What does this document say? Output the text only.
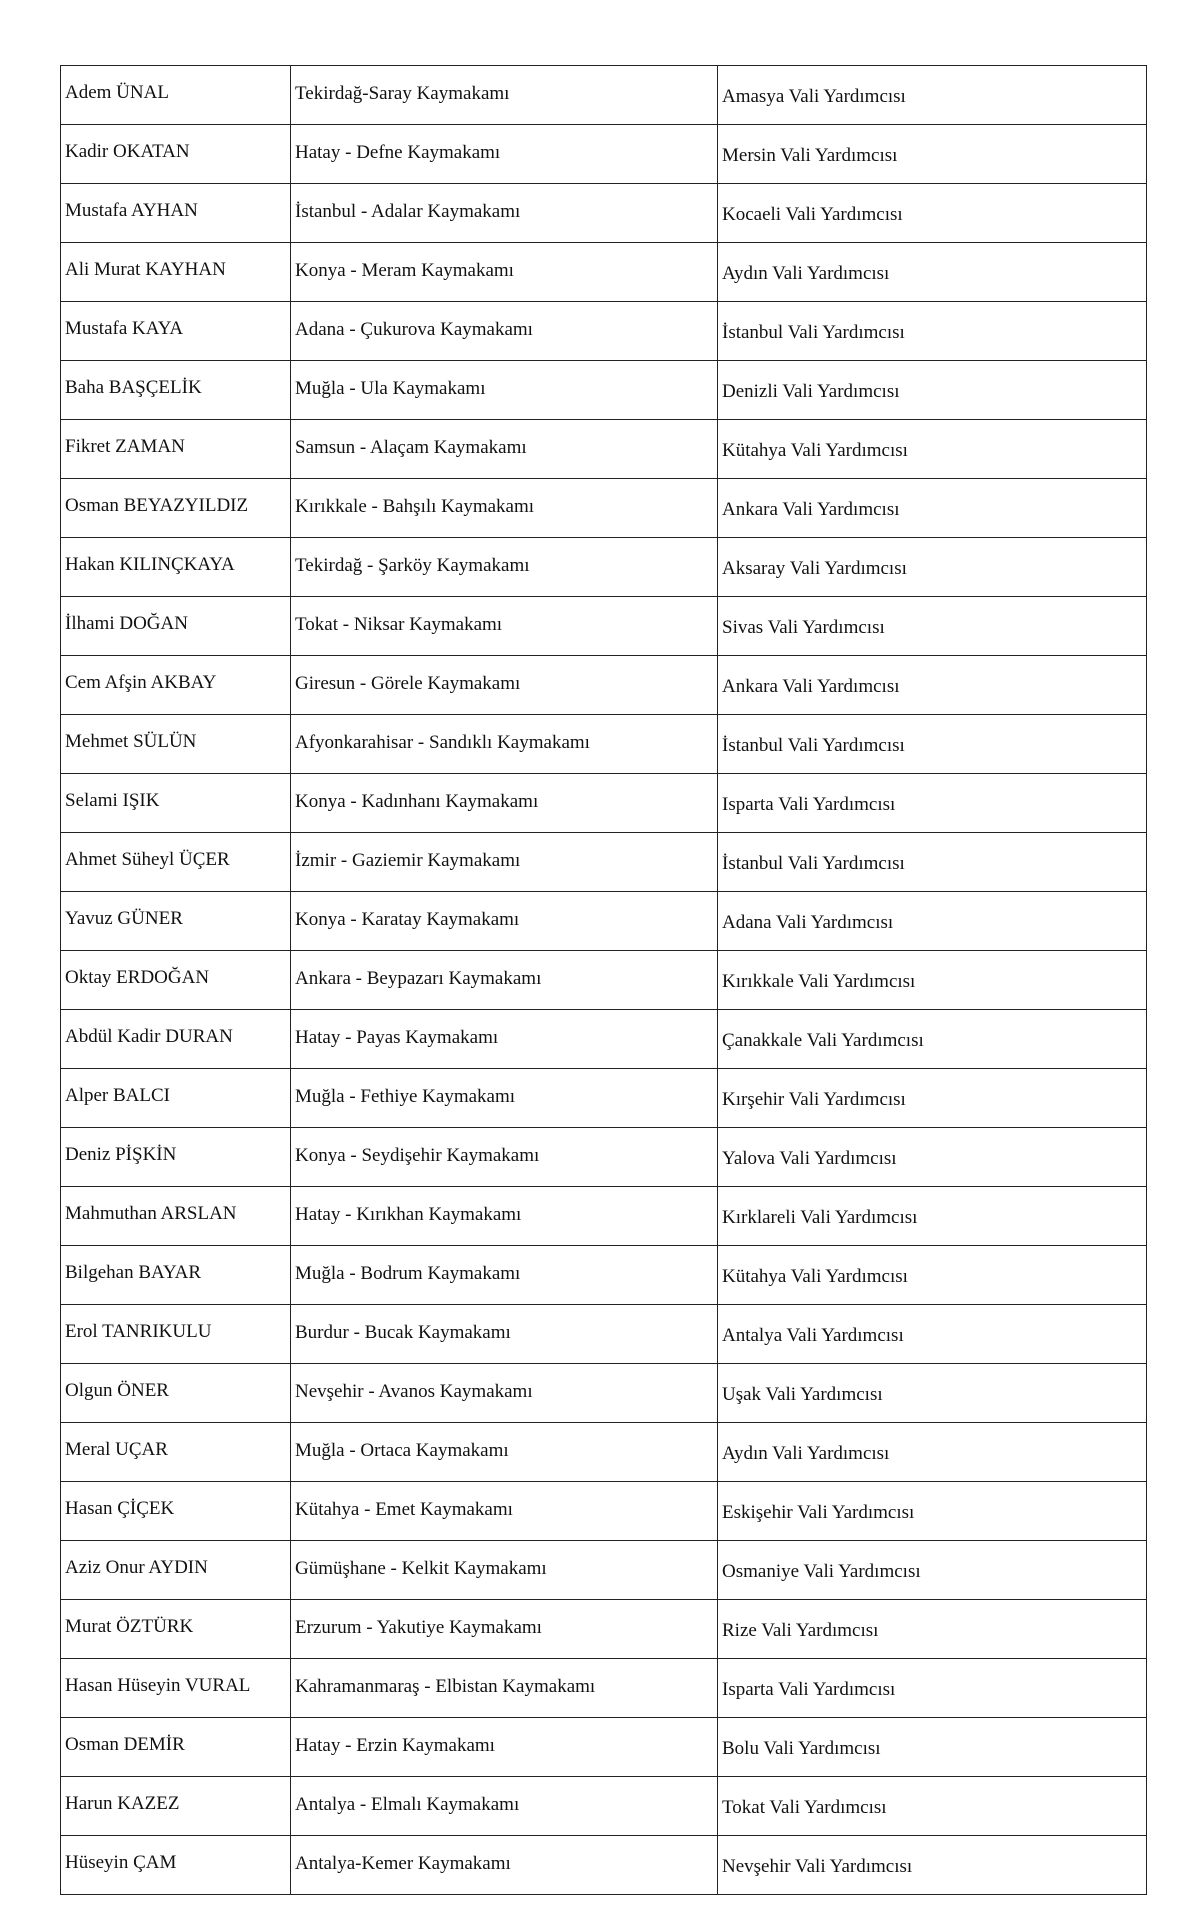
Adem ÜNAL	Tekirdağ-Saray Kaymakamı	Amasya Vali Yardımcısı
Kadir OKATAN	Hatay - Defne Kaymakamı	Mersin Vali Yardımcısı
Mustafa AYHAN	İstanbul - Adalar Kaymakamı	Kocaeli Vali Yardımcısı
Ali Murat KAYHAN	Konya - Meram Kaymakamı	Aydın Vali Yardımcısı
Mustafa KAYA	Adana - Çukurova Kaymakamı	İstanbul Vali Yardımcısı
Baha BAŞÇELİK	Muğla - Ula Kaymakamı	Denizli Vali Yardımcısı
Fikret ZAMAN	Samsun - Alaçam Kaymakamı	Kütahya Vali Yardımcısı
Osman BEYAZYILDIZ	Kırıkkale - Bahşılı Kaymakamı	Ankara Vali Yardımcısı
Hakan KILINÇKAYA	Tekirdağ - Şarköy Kaymakamı	Aksaray Vali Yardımcısı
İlhami DOĞAN	Tokat - Niksar Kaymakamı	Sivas Vali Yardımcısı
Cem Afşin AKBAY	Giresun - Görele Kaymakamı	Ankara Vali Yardımcısı
Mehmet SÜLÜN	Afyonkarahisar - Sandıklı Kaymakamı	İstanbul Vali Yardımcısı
Selami IŞIK	Konya - Kadınhanı Kaymakamı	Isparta Vali Yardımcısı
Ahmet Süheyl ÜÇER	İzmir - Gaziemir Kaymakamı	İstanbul Vali Yardımcısı
Yavuz GÜNER	Konya - Karatay Kaymakamı	Adana Vali Yardımcısı
Oktay ERDOĞAN	Ankara - Beypazarı Kaymakamı	Kırıkkale Vali Yardımcısı
Abdül Kadir DURAN	Hatay - Payas Kaymakamı	Çanakkale Vali Yardımcısı
Alper BALCI	Muğla - Fethiye Kaymakamı	Kırşehir Vali Yardımcısı
Deniz PİŞKİN	Konya - Seydişehir Kaymakamı	Yalova Vali Yardımcısı
Mahmuthan ARSLAN	Hatay - Kırıkhan Kaymakamı	Kırklareli Vali Yardımcısı
Bilgehan BAYAR	Muğla - Bodrum Kaymakamı	Kütahya Vali Yardımcısı
Erol TANRIKULU	Burdur - Bucak Kaymakamı	Antalya Vali Yardımcısı
Olgun ÖNER	Nevşehir - Avanos Kaymakamı	Uşak Vali Yardımcısı
Meral UÇAR	Muğla - Ortaca Kaymakamı	Aydın Vali Yardımcısı
Hasan ÇİÇEK	Kütahya - Emet Kaymakamı	Eskişehir Vali Yardımcısı
Aziz Onur AYDIN	Gümüşhane - Kelkit Kaymakamı	Osmaniye Vali Yardımcısı
Murat ÖZTÜRK	Erzurum - Yakutiye Kaymakamı	Rize Vali Yardımcısı
Hasan Hüseyin VURAL	Kahramanmaraş - Elbistan Kaymakamı	Isparta Vali Yardımcısı
Osman DEMİR	Hatay - Erzin Kaymakamı	Bolu Vali Yardımcısı
Harun KAZEZ	Antalya - Elmalı Kaymakamı	Tokat Vali Yardımcısı
Hüseyin ÇAM	Antalya-Kemer Kaymakamı	Nevşehir Vali Yardımcısı
